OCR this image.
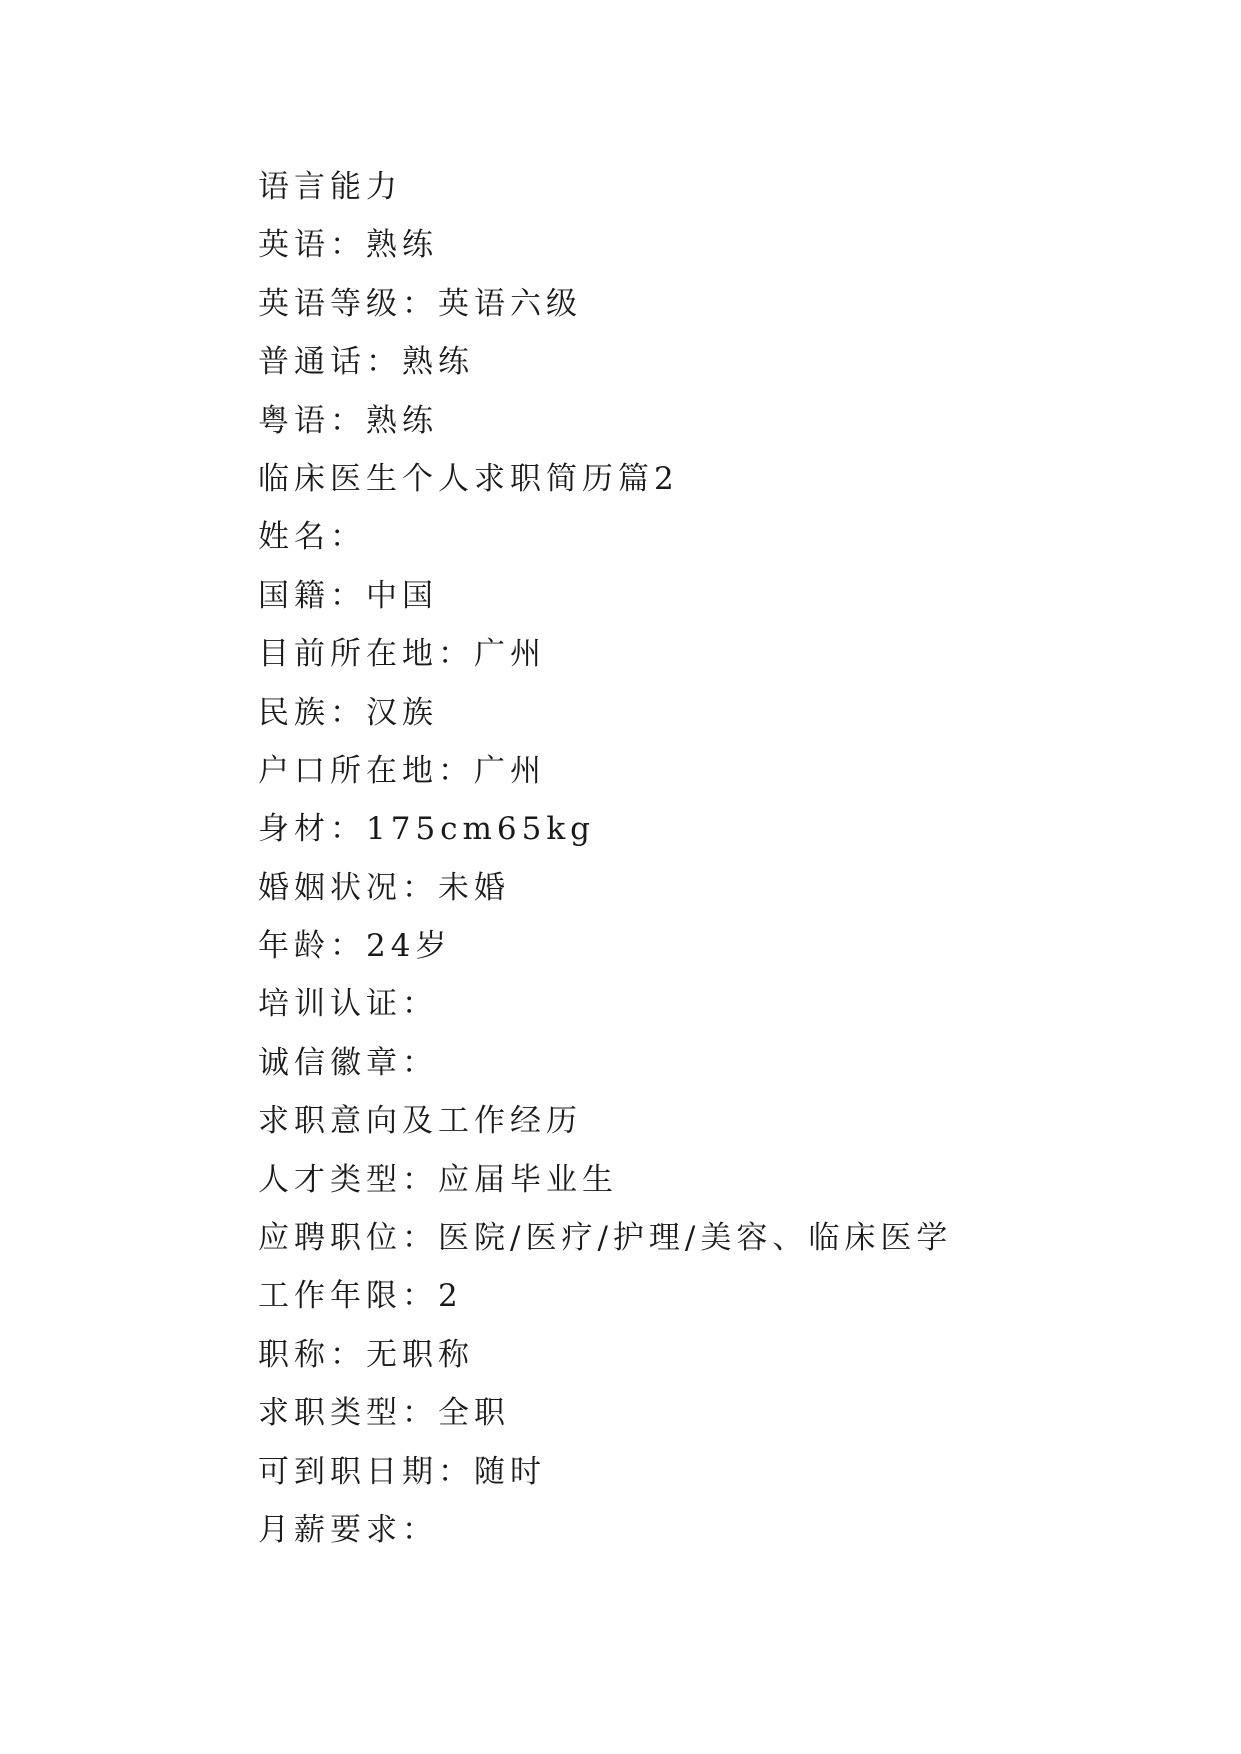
语言能力
英语：熟练
英语等级：英语六级
普通话：熟练
粤语：熟练
临床医生个人求职简历篇2
姓名：
国籍：中国
目前所在地：广州
民族：汉族
户口所在地：广州
身材：175cm65kg
婚姻状况：未婚
年龄：24岁
培训认证：
诚信徽章：
求职意向及工作经历
人才类型：应届毕业生
应聘职位：医院/医疗/护理/美容、临床医学
工作年限：2
职称：无职称
求职类型：全职
可到职日期：随时
月薪要求：
